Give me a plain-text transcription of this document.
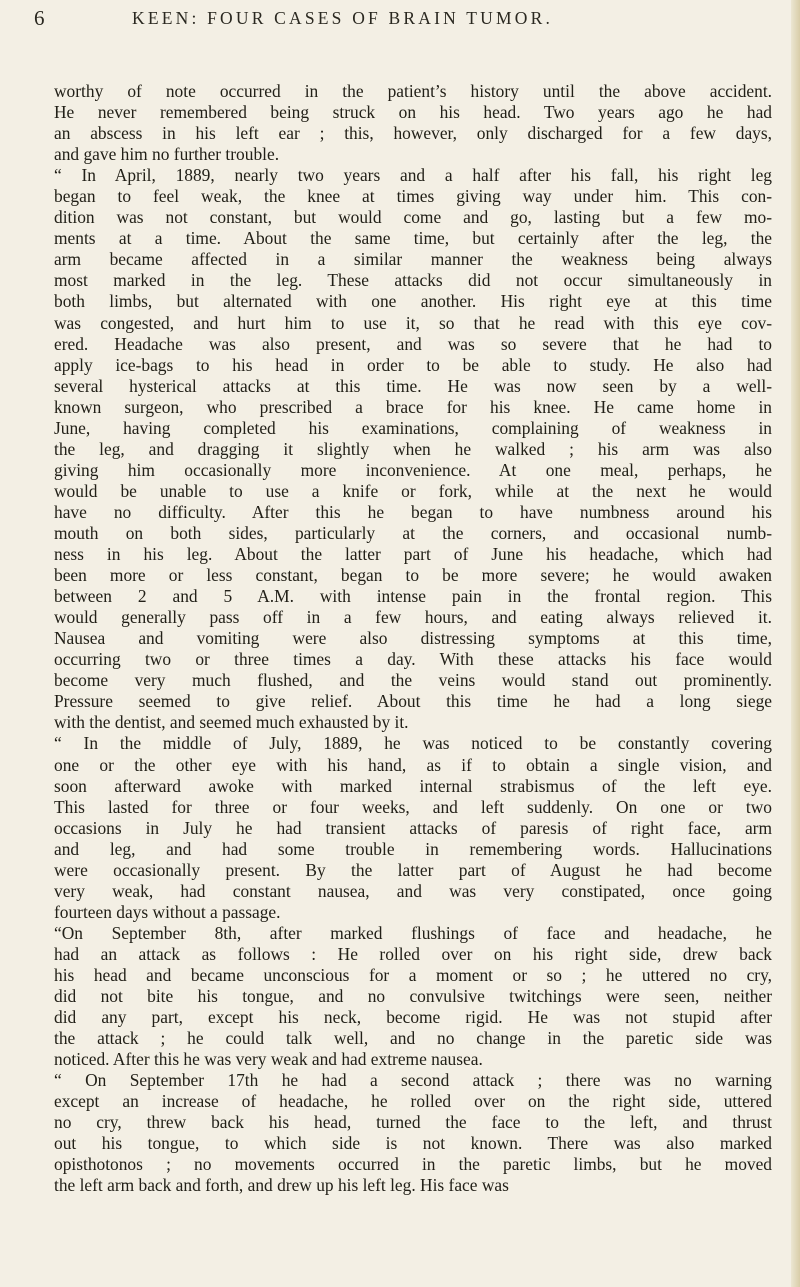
6	KEEN: FOUR CASES OF BRAIN TUMOR.
worthy of note occurred in the patient’s history until the above accident.
He never remembered being struck on his head. Two years ago he had
an abscess in his left ear ; this, however, only discharged for a few days,
and gave him no further trouble.
“ In April, 1889, nearly two years and a half after his fall, his right leg
began to feel weak, the knee at times giving way under him. This con-
dition was not constant, but would come and go, lasting but a few mo-
ments at a time. About the same time, but certainly after the leg, the
arm became affected in a similar manner the weakness being always
most marked in the leg. These attacks did not occur simultaneously in
both limbs, but alternated with one another. His right eye at this time
was congested, and hurt him to use it, so that he read with this eye cov-
ered. Headache was also present, and was so severe that he had to
apply ice-bags to his head in order to be able to study. He also had
several hysterical attacks at this time. He was now seen by a well-
known surgeon, who prescribed a brace for his knee. He came home in
June, having completed his examinations, complaining of weakness in
the leg, and dragging it slightly when he walked ; his arm was also
giving him occasionally more inconvenience. At one meal, perhaps, he
would be unable to use a knife or fork, while at the next he would
have no difficulty. After this he began to have numbness around his
mouth on both sides, particularly at the corners, and occasional numb-
ness in his leg. About the latter part of June his headache, which had
been more or less constant, began to be more severe; he would awaken
between 2 and 5 A.M. with intense pain in the frontal region. This
would generally pass off in a few hours, and eating always relieved it.
Nausea and vomiting were also distressing symptoms at this time,
occurring two or three times a day. With these attacks his face would
become very much flushed, and the veins would stand out prominently.
Pressure seemed to give relief. About this time he had a long siege
with the dentist, and seemed much exhausted by it.
“ In the middle of July, 1889, he was noticed to be constantly covering
one or the other eye with his hand, as if to obtain a single vision, and
soon afterward awoke with marked internal strabismus of the left eye.
This lasted for three or four weeks, and left suddenly. On one or two
occasions in July he had transient attacks of paresis of right face, arm
and leg, and had some trouble in remembering words. Hallucinations
were occasionally present. By the latter part of August he had become
very weak, had constant nausea, and was very constipated, once going
fourteen days without a passage.
“On September 8th, after marked flushings of face and headache, he
had an attack as follows : He rolled over on his right side, drew back
his head and became unconscious for a moment or so ; he uttered no cry,
did not bite his tongue, and no convulsive twitchings were seen, neither
did any part, except his neck, become rigid. He was not stupid after
the attack ; he could talk well, and no change in the paretic side was
noticed. After this he was very weak and had extreme nausea.
“ On September 17th he had a second attack ; there was no warning
except an increase of headache, he rolled over on the right side, uttered
no cry, threw back his head, turned the face to the left, and thrust
out his tongue, to which side is not known. There was also marked
opisthotonos ; no movements occurred in the paretic limbs, but he moved
the left arm back and forth, and drew up his left leg. His face was
